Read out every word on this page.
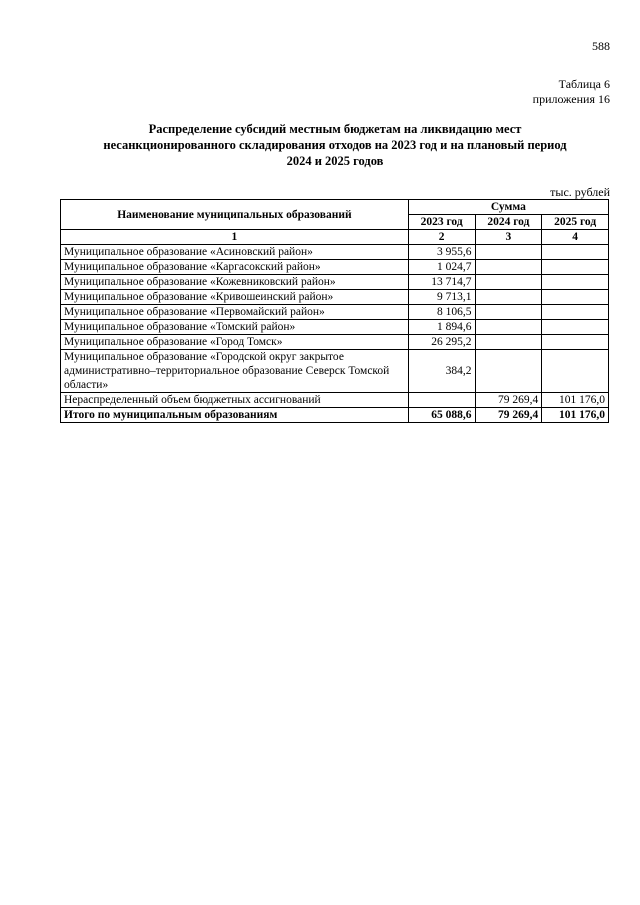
588
Таблица 6
приложения 16
Распределение субсидий местным бюджетам на ликвидацию мест
несанкционированного складирования отходов на 2023 год и на плановый период
2024 и 2025 годов
тыс. рублей
Наименование муниципальных образований	Сумма		
	2023 год	2024 год	2025 год
1	2	3	4
Муниципальное образование «Асиновский район»	3 955,6		
Муниципальное образование «Каргасокский район»	1 024,7		
Муниципальное образование «Кожевниковский район»	13 714,7		
Муниципальное образование «Кривошеинский район»	9 713,1		
Муниципальное образование «Первомайский район»	8 106,5		
Муниципальное образование «Томский район»	1 894,6		
Муниципальное образование «Город Томск»	26 295,2		
Муниципальное образование «Городской округ закрытое административно–территориальное образование Северск Томской области»	384,2		
Нераспределенный объем бюджетных ассигнований		79 269,4	101 176,0
Итого по муниципальным образованиям	65 088,6	79 269,4	101 176,0
